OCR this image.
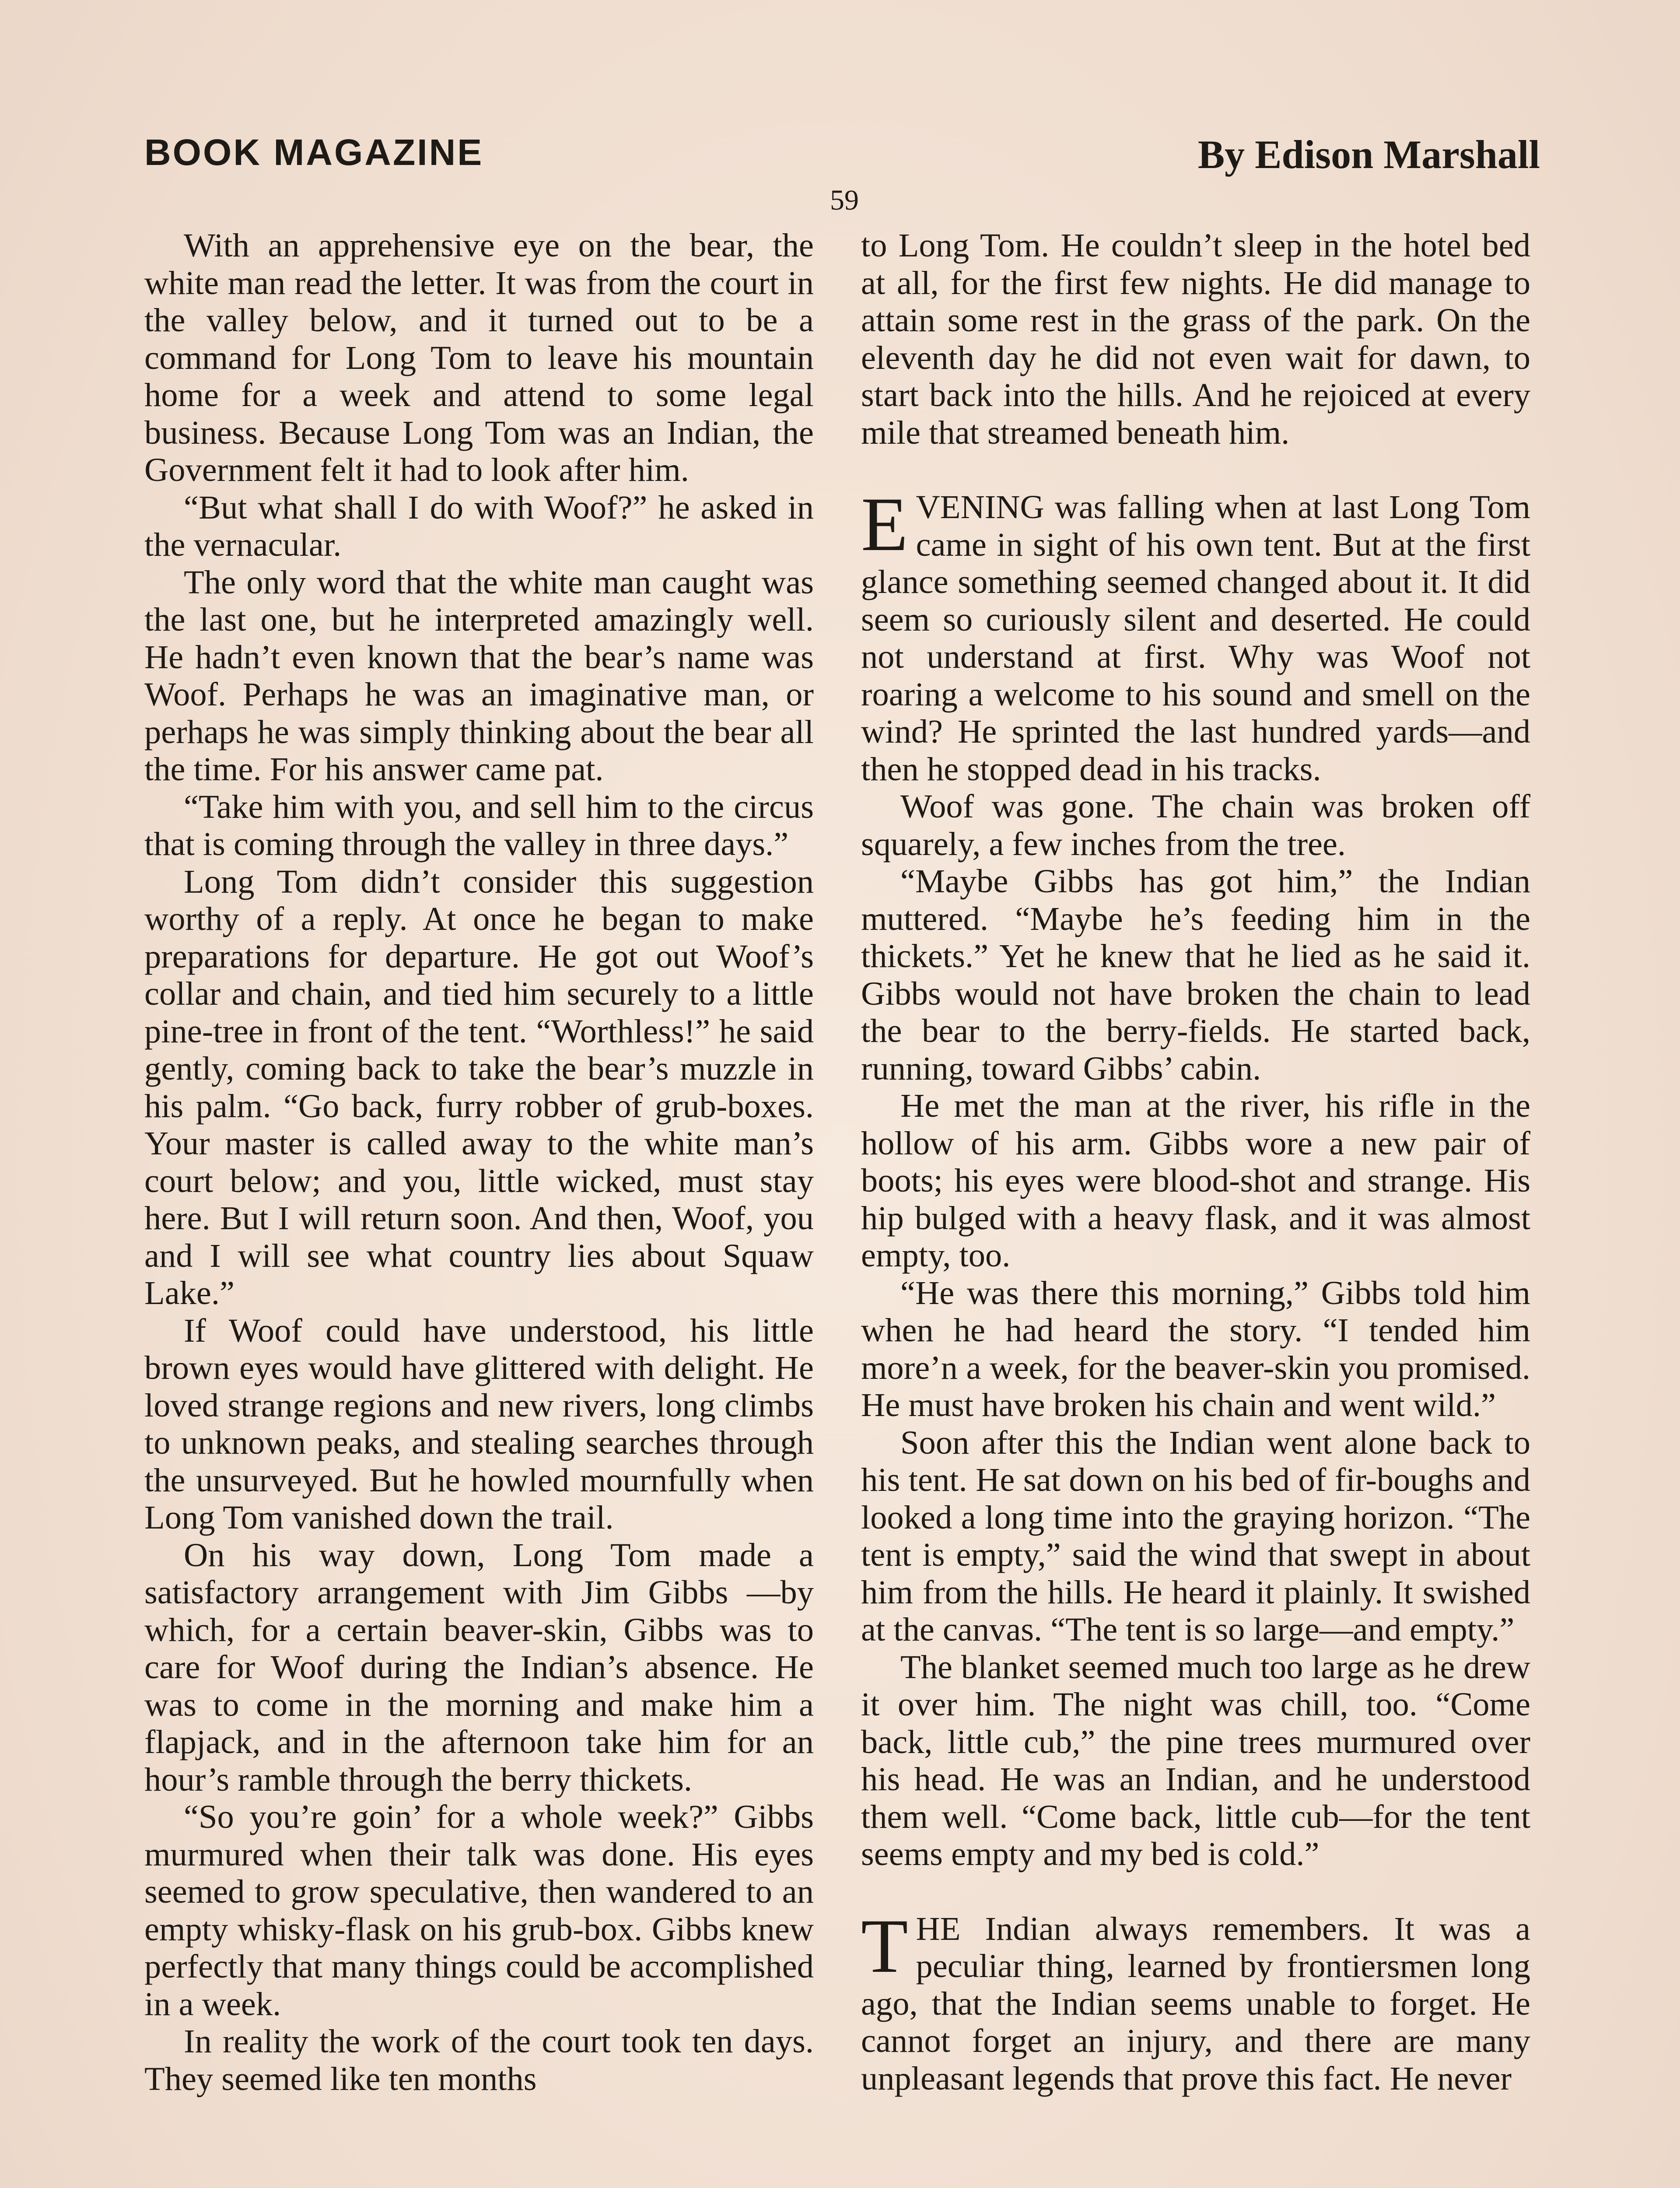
BOOK MAGAZINE	By Edison Marshall
59

With an apprehensive eye on the bear, the white man read the letter. It was from the court in the valley below, and it turned out to be a command for Long Tom to leave his mountain home for a week and attend to some legal business. Because Long Tom was an Indian, the Government felt it had to look after him.

“But what shall I do with Woof?” he asked in the vernacular.

The only word that the white man caught was the last one, but he interpreted amazingly well. He hadn’t even known that the bear’s name was Woof. Perhaps he was an imaginative man, or perhaps he was simply thinking about the bear all the time. For his answer came pat.

“Take him with you, and sell him to the circus that is coming through the valley in three days.”

Long Tom didn’t consider this suggestion worthy of a reply. At once he began to make preparations for departure. He got out Woof’s collar and chain, and tied him securely to a little pine-tree in front of the tent. “Worthless!” he said gently, coming back to take the bear’s muzzle in his palm. “Go back, furry robber of grub-boxes. Your master is called away to the white man’s court below; and you, little wicked, must stay here. But I will return soon. And then, Woof, you and I will see what country lies about Squaw Lake.”

If Woof could have understood, his little brown eyes would have glittered with delight. He loved strange regions and new rivers, long climbs to unknown peaks, and stealing searches through the unsurveyed. But he howled mournfully when Long Tom vanished down the trail.

On his way down, Long Tom made a satisfactory arrangement with Jim Gibbs —by which, for a certain beaver-skin, Gibbs was to care for Woof during the Indian’s absence. He was to come in the morning and make him a flapjack, and in the afternoon take him for an hour’s ramble through the berry thickets.

“So you’re goin’ for a whole week?” Gibbs murmured when their talk was done. His eyes seemed to grow speculative, then wandered to an empty whisky-flask on his grub-box. Gibbs knew perfectly that many things could be accomplished in a week.

In reality the work of the court took ten days. They seemed like ten months

to Long Tom. He couldn’t sleep in the hotel bed at all, for the first few nights. He did manage to attain some rest in the grass of the park. On the eleventh day he did not even wait for dawn, to start back into the hills. And he rejoiced at every mile that streamed beneath him.

EVENING was falling when at last Long Tom came in sight of his own tent. But at the first glance something seemed changed about it. It did seem so curiously silent and deserted. He could not understand at first. Why was Woof not roaring a welcome to his sound and smell on the wind? He sprinted the last hundred yards—and then he stopped dead in his tracks.

Woof was gone. The chain was broken off squarely, a few inches from the tree.

“Maybe Gibbs has got him,” the Indian muttered. “Maybe he’s feeding him in the thickets.” Yet he knew that he lied as he said it. Gibbs would not have broken the chain to lead the bear to the berry-fields. He started back, running, toward Gibbs’ cabin.

He met the man at the river, his rifle in the hollow of his arm. Gibbs wore a new pair of boots; his eyes were blood-shot and strange. His hip bulged with a heavy flask, and it was almost empty, too.

“He was there this morning,” Gibbs told him when he had heard the story. “I tended him more’n a week, for the beaver-skin you promised. He must have broken his chain and went wild.”

Soon after this the Indian went alone back to his tent. He sat down on his bed of fir-boughs and looked a long time into the graying horizon. “The tent is empty,” said the wind that swept in about him from the hills. He heard it plainly. It swished at the canvas. “The tent is so large—and empty.”

The blanket seemed much too large as he drew it over him. The night was chill, too. “Come back, little cub,” the pine trees murmured over his head. He was an Indian, and he understood them well. “Come back, little cub—for the tent seems empty and my bed is cold.”

THE Indian always remembers. It was a peculiar thing, learned by frontiersmen long ago, that the Indian seems unable to forget. He cannot forget an injury, and there are many unpleasant legends that prove this fact. He never
